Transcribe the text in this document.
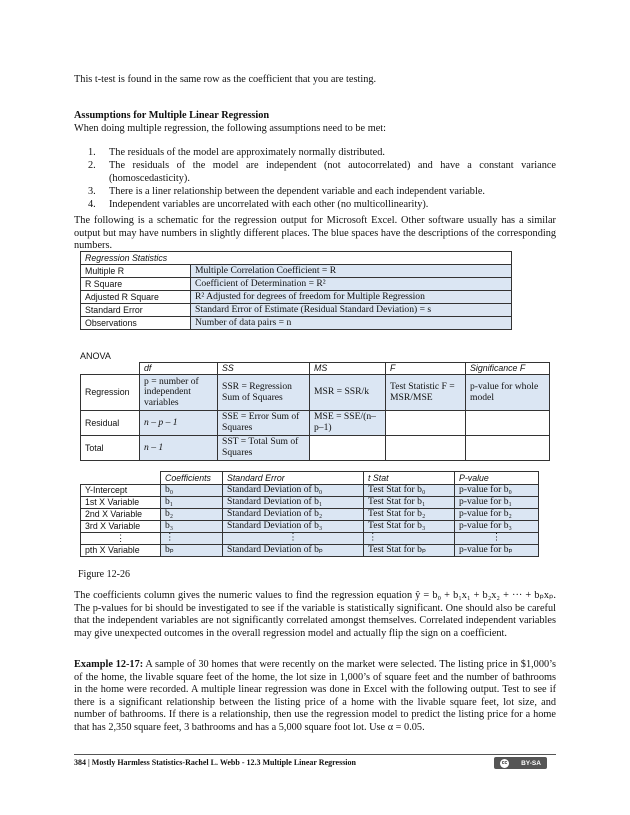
This t-test is found in the same row as the coefficient that you are testing.
Assumptions for Multiple Linear Regression
When doing multiple regression, the following assumptions need to be met:
1. The residuals of the model are approximately normally distributed.
2. The residuals of the model are independent (not autocorrelated) and have a constant variance (homoscedasticity).
3. There is a liner relationship between the dependent variable and each independent variable.
4. Independent variables are uncorrelated with each other (no multicollinearity).
The following is a schematic for the regression output for Microsoft Excel. Other software usually has a similar output but may have numbers in slightly different places. The blue spaces have the descriptions of the corresponding numbers.
Regression Statistics	
Multiple R	Multiple Correlation Coefficient = R
R Square	Coefficient of Determination = R²
Adjusted R Square	R² Adjusted for degrees of freedom for Multiple Regression
Standard Error	Standard Error of Estimate (Residual Standard Deviation) = s
Observations	Number of data pairs = n
ANOVA
	df	SS	MS	F	Significance F
Regression	p = number of independent variables	SSR = Regression Sum of Squares	MSR = SSR/k	Test Statistic F = MSR/MSE	p-value for whole model
Residual	n – p – 1	SSE = Error Sum of Squares	MSE = SSE/(n–p–1)		
Total	n – 1	SST = Total Sum of Squares			
	Coefficients	Standard Error	t Stat	P-value
Y-Intercept	b₀	Standard Deviation of b₀	Test Stat for b₀	p-value for b₀
1st X Variable	b₁	Standard Deviation of b₁	Test Stat for b₁	p-value for b₁
2nd X Variable	b₂	Standard Deviation of b₂	Test Stat for b₂	p-value for b₂
3rd X Variable	b₃	Standard Deviation of b₃	Test Stat for b₃	p-value for b₃
⋮	⋮	⋮	⋮	⋮
pth X Variable	bₚ	Standard Deviation of bₚ	Test Stat for bₚ	p-value for bₚ
Figure 12-26
The coefficients column gives the numeric values to find the regression equation ŷ = b₀ + b₁x₁ + b₂x₂ + ··· + bₚxₚ. The p-values for bi should be investigated to see if the variable is statistically significant. One should also be careful that the independent variables are not significantly correlated amongst themselves. Correlated independent variables may give unexpected outcomes in the overall regression model and actually flip the sign on a coefficient.
Example 12-17: A sample of 30 homes that were recently on the market were selected. The listing price in $1,000’s of the home, the livable square feet of the home, the lot size in 1,000’s of square feet and the number of bathrooms in the home were recorded. A multiple linear regression was done in Excel with the following output. Test to see if there is a significant relationship between the listing price of a home with the livable square feet, lot size, and number of bathrooms. If there is a relationship, then use the regression model to predict the listing price for a home that has 2,350 square feet, 3 bathrooms and has a 5,000 square foot lot. Use α = 0.05.
384 | Mostly Harmless Statistics-Rachel L. Webb - 12.3 Multiple Linear Regression	cc BY-SA
